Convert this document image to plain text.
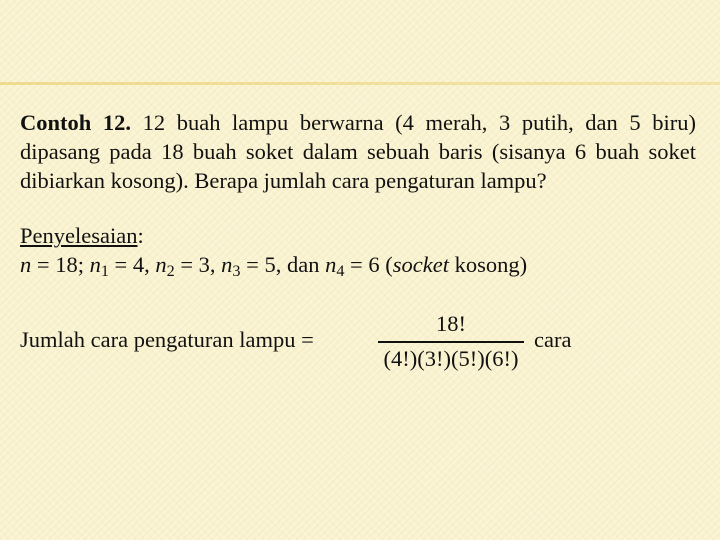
Contoh 12. 12 buah lampu berwarna (4 merah, 3 putih, dan 5 biru) dipasang pada 18 buah soket dalam sebuah baris (sisanya 6 buah soket dibiarkan kosong). Berapa jumlah cara pengaturan lampu?

Penyelesaian:

n = 18; $n_1 = 4$, $n_2 = 3$, $n_3 = 5$, dan $n_4 = 6$ (socket kosong)

Jumlah cara pengaturan lampu =
18!
(4!)(3!)(5!)(6!)
cara
